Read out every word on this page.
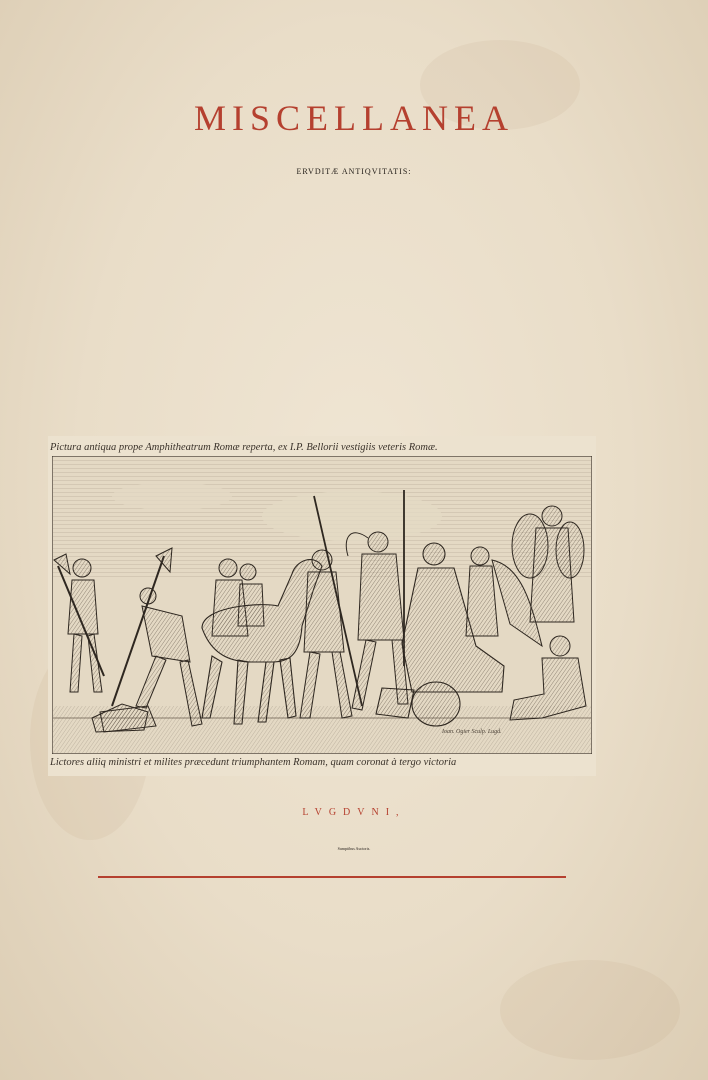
MISCELLANEA
ERVDITÆ ANTIQVITATIS:
Pictura antiqua prope Amphitheatrum Romæ reperta, ex I.P. Bellorii vestigiis veteris Romæ.
Ioan. Ogier Sculp. Lugd.
Lictores aliiq ministri et milites præcedunt triumphantem Romam, quam coronat à tergo victoria
LVGDVNI,
Sumptibus Auctoris.
